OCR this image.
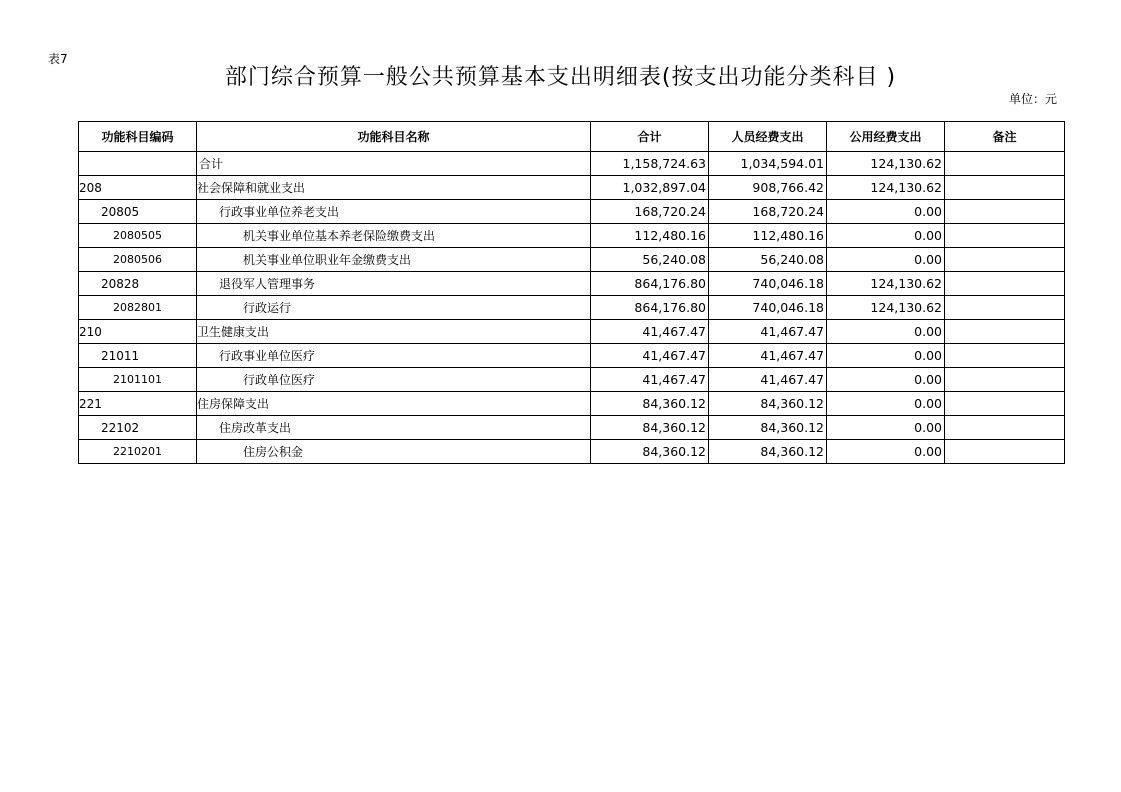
表7
部门综合预算一般公共预算基本支出明细表(按支出功能分类科目 )
单位：元
功能科目编码	功能科目名称	合计	人员经费支出	公用经费支出	备注
	合计	1,158,724.63	1,034,594.01	124,130.62	
208	社会保障和就业支出	1,032,897.04	908,766.42	124,130.62	
20805	行政事业单位养老支出	168,720.24	168,720.24	0.00	
2080505	机关事业单位基本养老保险缴费支出	112,480.16	112,480.16	0.00	
2080506	机关事业单位职业年金缴费支出	56,240.08	56,240.08	0.00	
20828	退役军人管理事务	864,176.80	740,046.18	124,130.62	
2082801	行政运行	864,176.80	740,046.18	124,130.62	
210	卫生健康支出	41,467.47	41,467.47	0.00	
21011	行政事业单位医疗	41,467.47	41,467.47	0.00	
2101101	行政单位医疗	41,467.47	41,467.47	0.00	
221	住房保障支出	84,360.12	84,360.12	0.00	
22102	住房改革支出	84,360.12	84,360.12	0.00	
2210201	住房公积金	84,360.12	84,360.12	0.00	
